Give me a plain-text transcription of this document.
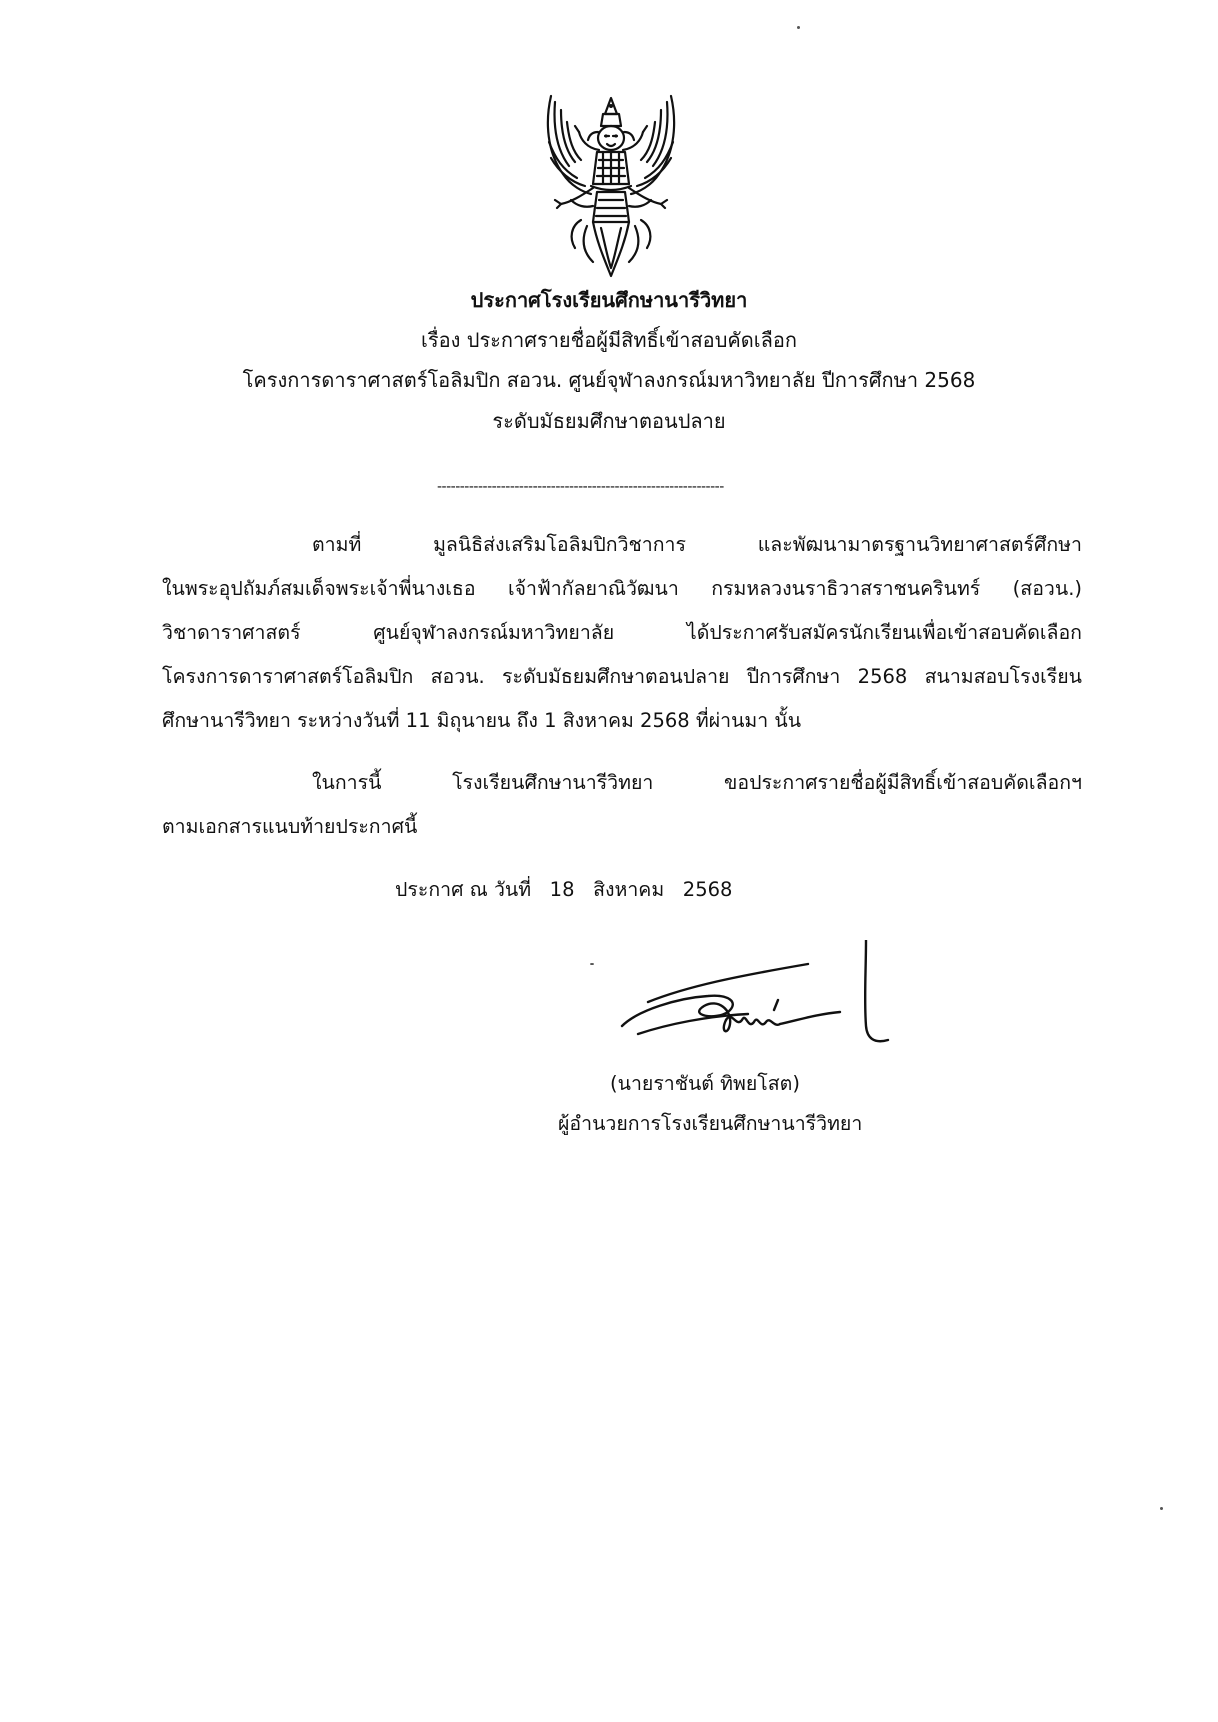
ประกาศโรงเรียนศึกษานารีวิทยา
เรื่อง ประกาศรายชื่อผู้มีสิทธิ์เข้าสอบคัดเลือก
โครงการดาราศาสตร์โอลิมปิก สอวน. ศูนย์จุฬาลงกรณ์มหาวิทยาลัย ปีการศึกษา 2568
ระดับมัธยมศึกษาตอนปลาย
---------------------------------------------------------------
ตามที่ มูลนิธิส่งเสริมโอลิมปิกวิชาการ และพัฒนามาตรฐานวิทยาศาสตร์ศึกษา
ในพระอุปถัมภ์สมเด็จพระเจ้าพี่นางเธอ เจ้าฟ้ากัลยาณิวัฒนา กรมหลวงนราธิวาสราชนครินทร์ (สอวน.)
วิชาดาราศาสตร์ ศูนย์จุฬาลงกรณ์มหาวิทยาลัย ได้ประกาศรับสมัครนักเรียนเพื่อเข้าสอบคัดเลือก
โครงการดาราศาสตร์โอลิมปิก สอวน. ระดับมัธยมศึกษาตอนปลาย ปีการศึกษา 2568 สนามสอบโรงเรียน
ศึกษานารีวิทยา ระหว่างวันที่ 11 มิถุนายน ถึง 1 สิงหาคม 2568 ที่ผ่านมา นั้น
ในการนี้ โรงเรียนศึกษานารีวิทยา ขอประกาศรายชื่อผู้มีสิทธิ์เข้าสอบคัดเลือกฯ
ตามเอกสารแนบท้ายประกาศนี้
ประกาศ ณ วันที่   18   สิงหาคม   2568
(นายราชันต์ ทิพยโสต)
ผู้อำนวยการโรงเรียนศึกษานารีวิทยา
